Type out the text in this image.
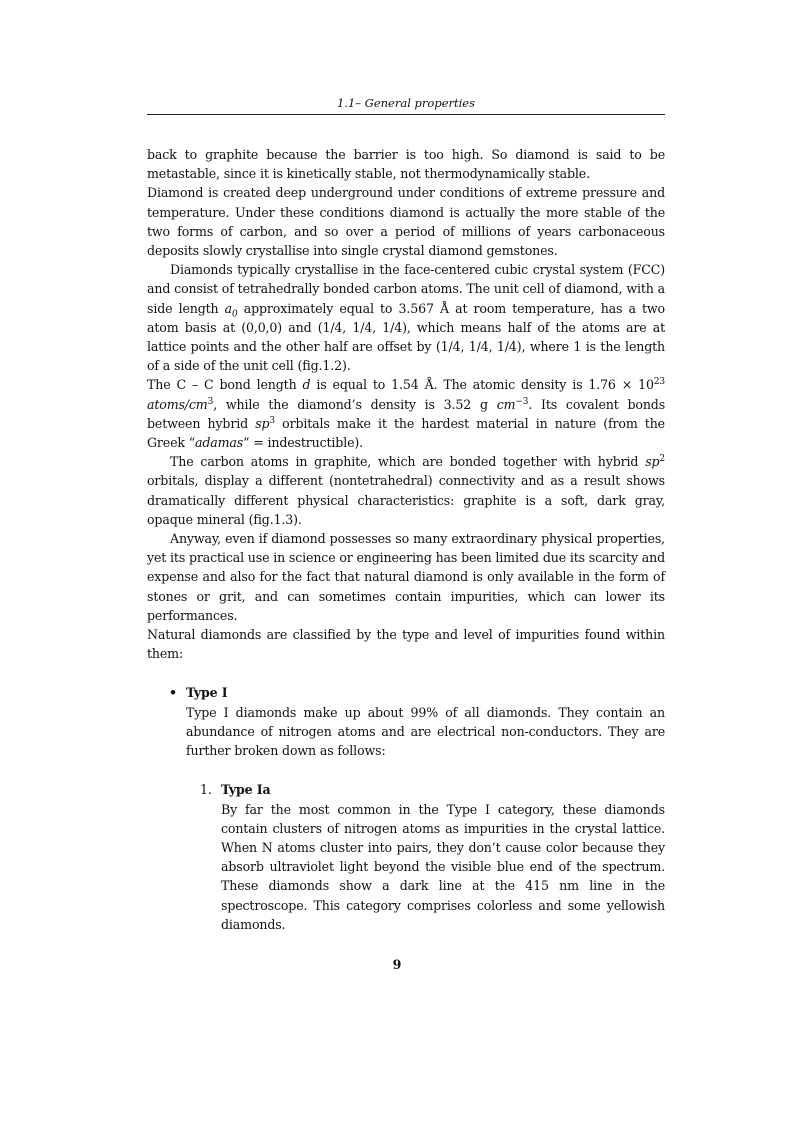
1.1– General properties

back to graphite because the barrier is too high. So diamond is said to be metastable, since it is kinetically stable, not thermodynamically stable.

Diamond is created deep underground under conditions of extreme pressure and temperature. Under these conditions diamond is actually the more stable of the two forms of carbon, and so over a period of millions of years carbonaceous deposits slowly crystallise into single crystal diamond gemstones.

Diamonds typically crystallise in the face-centered cubic crystal system (FCC) and consist of tetrahedrally bonded carbon atoms. The unit cell of diamond, with a side length $a_0$ approximately equal to 3.567 Å at room temperature, has a two atom basis at (0,0,0) and (1/4, 1/4, 1/4), which means half of the atoms are at lattice points and the other half are offset by (1/4, 1/4, 1/4), where 1 is the length of a side of the unit cell (fig.1.2).

The C – C bond length d is equal to 1.54 Å. The atomic density is $1.76 \times 10^{23}$ atoms/$cm^3$, while the diamond’s density is 3.52 g $cm^{-3}$. Its covalent bonds between hybrid $sp^3$ orbitals make it the hardest material in nature (from the Greek “adamas” = indestructible).

The carbon atoms in graphite, which are bonded together with hybrid $sp^2$ orbitals, display a different (nontetrahedral) connectivity and as a result shows dramatically different physical characteristics: graphite is a soft, dark gray, opaque mineral (fig.1.3).

Anyway, even if diamond possesses so many extraordinary physical properties, yet its practical use in science or engineering has been limited due its scarcity and expense and also for the fact that natural diamond is only available in the form of stones or grit, and can sometimes contain impurities, which can lower its performances.

Natural diamonds are classified by the type and level of impurities found within them:

• Type I
Type I diamonds make up about 99% of all diamonds. They contain an abundance of nitrogen atoms and are electrical non-conductors. They are further broken down as follows:
1. Type Ia
By far the most common in the Type I category, these diamonds contain clusters of nitrogen atoms as impurities in the crystal lattice. When N atoms cluster into pairs, they don’t cause color because they absorb ultraviolet light beyond the visible blue end of the spectrum. These diamonds show a dark line at the 415 nm line in the spectroscope. This category comprises colorless and some yellowish diamonds.
9
